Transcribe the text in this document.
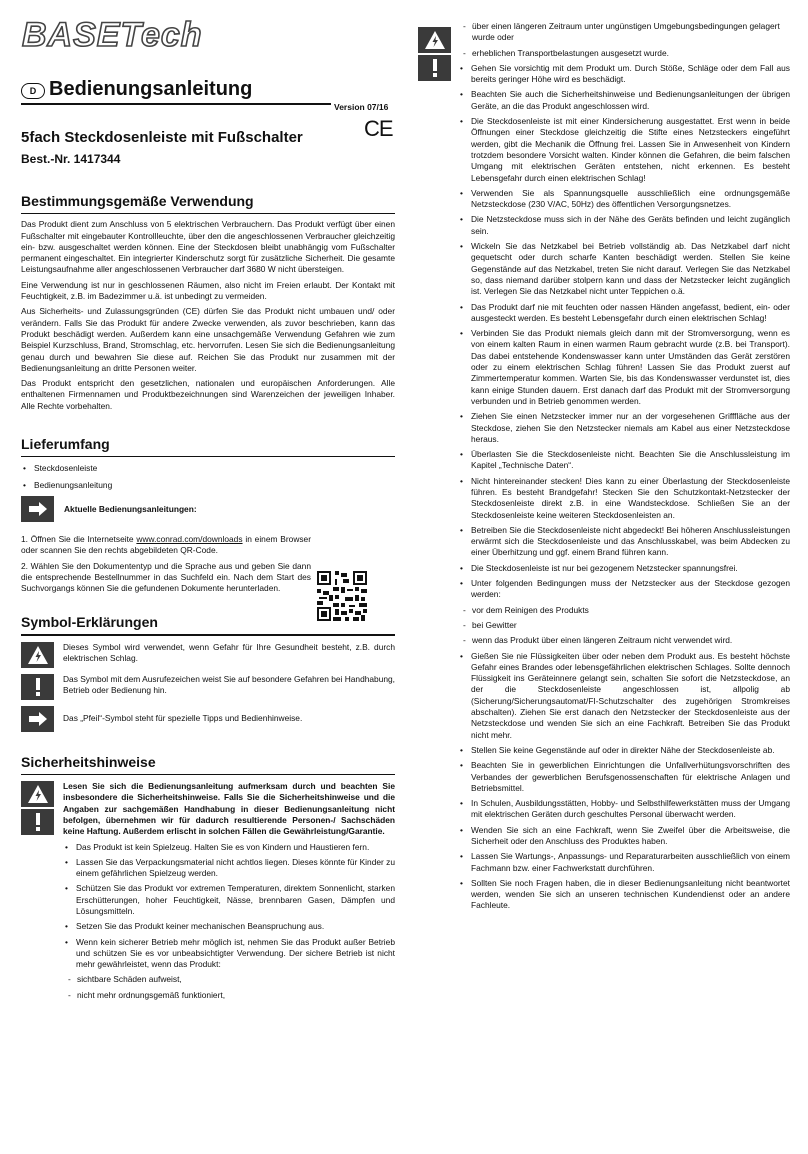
BASETech
D Bedienungsanleitung
Version 07/16
5fach Steckdosenleiste mit Fußschalter	CE
Best.-Nr. 1417344
Bestimmungsgemäße Verwendung

Das Produkt dient zum Anschluss von 5 elektrischen Verbrauchern. Das Produkt verfügt über einen Fußschalter mit eingebauter Kontrollleuchte, über den die angeschlossenen Verbraucher gleichzeitig ein- bzw. ausgeschaltet werden können. Eine der Steckdosen bleibt unabhängig vom Fußschalter permanent eingeschaltet. Ein integrierter Kinderschutz sorgt für zusätzliche Sicherheit. Die gesamte Leistungsaufnahme aller angeschlossenen Verbraucher darf 3680 W nicht übersteigen.

Eine Verwendung ist nur in geschlossenen Räumen, also nicht im Freien erlaubt. Der Kontakt mit Feuchtigkeit, z.B. im Badezimmer u.ä. ist unbedingt zu vermeiden.

Aus Sicherheits- und Zulassungsgründen (CE) dürfen Sie das Produkt nicht umbauen und/ oder verändern. Falls Sie das Produkt für andere Zwecke verwenden, als zuvor beschrieben, kann das Produkt beschädigt werden. Außerdem kann eine unsachgemäße Verwendung Gefahren wie zum Beispiel Kurzschluss, Brand, Stromschlag, etc. hervorrufen. Lesen Sie sich die Bedienungsanleitung genau durch und bewahren Sie diese auf. Reichen Sie das Produkt nur zusammen mit der Bedienungsanleitung an dritte Personen weiter.

Das Produkt entspricht den gesetzlichen, nationalen und europäischen Anforderungen. Alle enthaltenen Firmennamen und Produktbezeichnungen sind Warenzeichen der jeweiligen Inhaber. Alle Rechte vorbehalten.

Lieferumfang

• Steckdosenleiste

• Bedienungsanleitung

Aktuelle Bedienungsanleitungen:

1. Öffnen Sie die Internetseite www.conrad.com/downloads in einem Browser oder scannen Sie den rechts abgebildeten QR-Code.

2. Wählen Sie den Dokumententyp und die Sprache aus und geben Sie dann die entsprechende Bestellnummer in das Suchfeld ein. Nach dem Start des Suchvorgangs können Sie die gefundenen Dokumente herunterladen.

Symbol-Erklärungen

Dieses Symbol wird verwendet, wenn Gefahr für Ihre Gesundheit besteht, z.B. durch elektrischen Schlag.

Das Symbol mit dem Ausrufezeichen weist Sie auf besondere Gefahren bei Handhabung, Betrieb oder Bedienung hin.

Das „Pfeil“-Symbol steht für spezielle Tipps und Bedienhinweise.

Sicherheitshinweise

Lesen Sie sich die Bedienungsanleitung aufmerksam durch und beachten Sie insbesondere die Sicherheitshinweise. Falls Sie die Sicherheitshinweise und die Angaben zur sachgemäßen Handhabung in dieser Bedienungsanleitung nicht befolgen, übernehmen wir für dadurch resultierende Personen-/ Sachschäden keine Haftung. Außerdem erlischt in solchen Fällen die Gewährleistung/Garantie.

• Das Produkt ist kein Spielzeug. Halten Sie es von Kindern und Haustieren fern.

• Lassen Sie das Verpackungsmaterial nicht achtlos liegen. Dieses könnte für Kinder zu einem gefährlichen Spielzeug werden.

• Schützen Sie das Produkt vor extremen Temperaturen, direktem Sonnenlicht, starken Erschütterungen, hoher Feuchtigkeit, Nässe, brennbaren Gasen, Dämpfen und Lösungsmitteln.

• Setzen Sie das Produkt keiner mechanischen Beanspruchung aus.

• Wenn kein sicherer Betrieb mehr möglich ist, nehmen Sie das Produkt außer Betrieb und schützen Sie es vor unbeabsichtigter Verwendung. Der sichere Betrieb ist nicht mehr gewährleistet, wenn das Produkt:

- sichtbare Schäden aufweist,

- nicht mehr ordnungsgemäß funktioniert,

- über einen längeren Zeitraum unter ungünstigen Umgebungsbedingungen gelagert wurde oder

- erheblichen Transportbelastungen ausgesetzt wurde.

• Gehen Sie vorsichtig mit dem Produkt um. Durch Stöße, Schläge oder dem Fall aus bereits geringer Höhe wird es beschädigt.

• Beachten Sie auch die Sicherheitshinweise und Bedienungsanleitungen der übrigen Geräte, an die das Produkt angeschlossen wird.

• Die Steckdosenleiste ist mit einer Kindersicherung ausgestattet. Erst wenn in beide Öffnungen einer Steckdose gleichzeitig die Stifte eines Netzsteckers eingeführt werden, gibt die Mechanik die Öffnung frei. Lassen Sie in Anwesenheit von Kindern trotzdem besondere Vorsicht walten. Kinder können die Gefahren, die beim falschen Umgang mit elektrischen Geräten entstehen, nicht erkennen. Es besteht Lebensgefahr durch einen elektrischen Schlag!

• Verwenden Sie als Spannungsquelle ausschließlich eine ordnungsgemäße Netzsteckdose (230 V/AC, 50Hz) des öffentlichen Versorgungsnetzes.

• Die Netzsteckdose muss sich in der Nähe des Geräts befinden und leicht zugänglich sein.

• Wickeln Sie das Netzkabel bei Betrieb vollständig ab. Das Netzkabel darf nicht gequetscht oder durch scharfe Kanten beschädigt werden. Stellen Sie keine Gegenstände auf das Netzkabel, treten Sie nicht darauf. Verlegen Sie das Netzkabel so, dass niemand darüber stolpern kann und dass der Netzstecker leicht zugänglich ist. Verlegen Sie das Netzkabel nicht unter Teppichen o.ä.

• Das Produkt darf nie mit feuchten oder nassen Händen angefasst, bedient, ein- oder ausgesteckt werden. Es besteht Lebensgefahr durch einen elektrischen Schlag!

• Verbinden Sie das Produkt niemals gleich dann mit der Stromversorgung, wenn es von einem kalten Raum in einen warmen Raum gebracht wurde (z.B. bei Transport). Das dabei entstehende Kondenswasser kann unter Umständen das Gerät zerstören oder zu einem elektrischen Schlag führen! Lassen Sie das Produkt zuerst auf Zimmertemperatur kommen. Warten Sie, bis das Kondenswasser verdunstet ist, dies kann einige Stunden dauern. Erst danach darf das Produkt mit der Stromversorgung verbunden und in Betrieb genommen werden.

• Ziehen Sie einen Netzstecker immer nur an der vorgesehenen Grifffläche aus der Steckdose, ziehen Sie den Netzstecker niemals am Kabel aus einer Netzsteckdose heraus.

• Überlasten Sie die Steckdosenleiste nicht. Beachten Sie die Anschlussleistung im Kapitel „Technische Daten“.

• Nicht hintereinander stecken! Dies kann zu einer Überlastung der Steckdosenleiste führen. Es besteht Brandgefahr! Stecken Sie den Schutzkontakt-Netzstecker der Steckdosenleiste direkt z.B. in eine Wandsteckdose. Schließen Sie an der Steckdosenleiste keine weiteren Steckdosenleisten an.

• Betreiben Sie die Steckdosenleiste nicht abgedeckt! Bei höheren Anschlussleistungen erwärmt sich die Steckdosenleiste und das Anschlusskabel, was beim Abdecken zu einer Überhitzung und ggf. einem Brand führen kann.

• Die Steckdosenleiste ist nur bei gezogenem Netzstecker spannungsfrei.

• Unter folgenden Bedingungen muss der Netzstecker aus der Steckdose gezogen werden:

- vor dem Reinigen des Produkts

- bei Gewitter

- wenn das Produkt über einen längeren Zeitraum nicht verwendet wird.

• Gießen Sie nie Flüssigkeiten über oder neben dem Produkt aus. Es besteht höchste Gefahr eines Brandes oder lebensgefährlichen elektrischen Schlages. Sollte dennoch Flüssigkeit ins Geräteinnere gelangt sein, schalten Sie sofort die Netzsteckdose, an der die Steckdosenleiste angeschlossen ist, allpolig ab (Sicherung/Sicherungsautomat/FI-Schutzschalter des zugehörigen Stromkreises abschalten). Ziehen Sie erst danach den Netzstecker der Steckdosenleiste aus der Netzsteckdose und wenden Sie sich an eine Fachkraft. Betreiben Sie das Produkt nicht mehr.

• Stellen Sie keine Gegenstände auf oder in direkter Nähe der Steckdosenleiste ab.

• Beachten Sie in gewerblichen Einrichtungen die Unfallverhütungsvorschriften des Verbandes der gewerblichen Berufsgenossenschaften für elektrische Anlagen und Betriebsmittel.

• In Schulen, Ausbildungsstätten, Hobby- und Selbsthilfewerkstätten muss der Umgang mit elektrischen Geräten durch geschultes Personal überwacht werden.

• Wenden Sie sich an eine Fachkraft, wenn Sie Zweifel über die Arbeitsweise, die Sicherheit oder den Anschluss des Produktes haben.

• Lassen Sie Wartungs-, Anpassungs- und Reparaturarbeiten ausschließlich von einem Fachmann bzw. einer Fachwerkstatt durchführen.

• Sollten Sie noch Fragen haben, die in dieser Bedienungsanleitung nicht beantwortet werden, wenden Sie sich an unseren technischen Kundendienst oder an andere Fachleute.
